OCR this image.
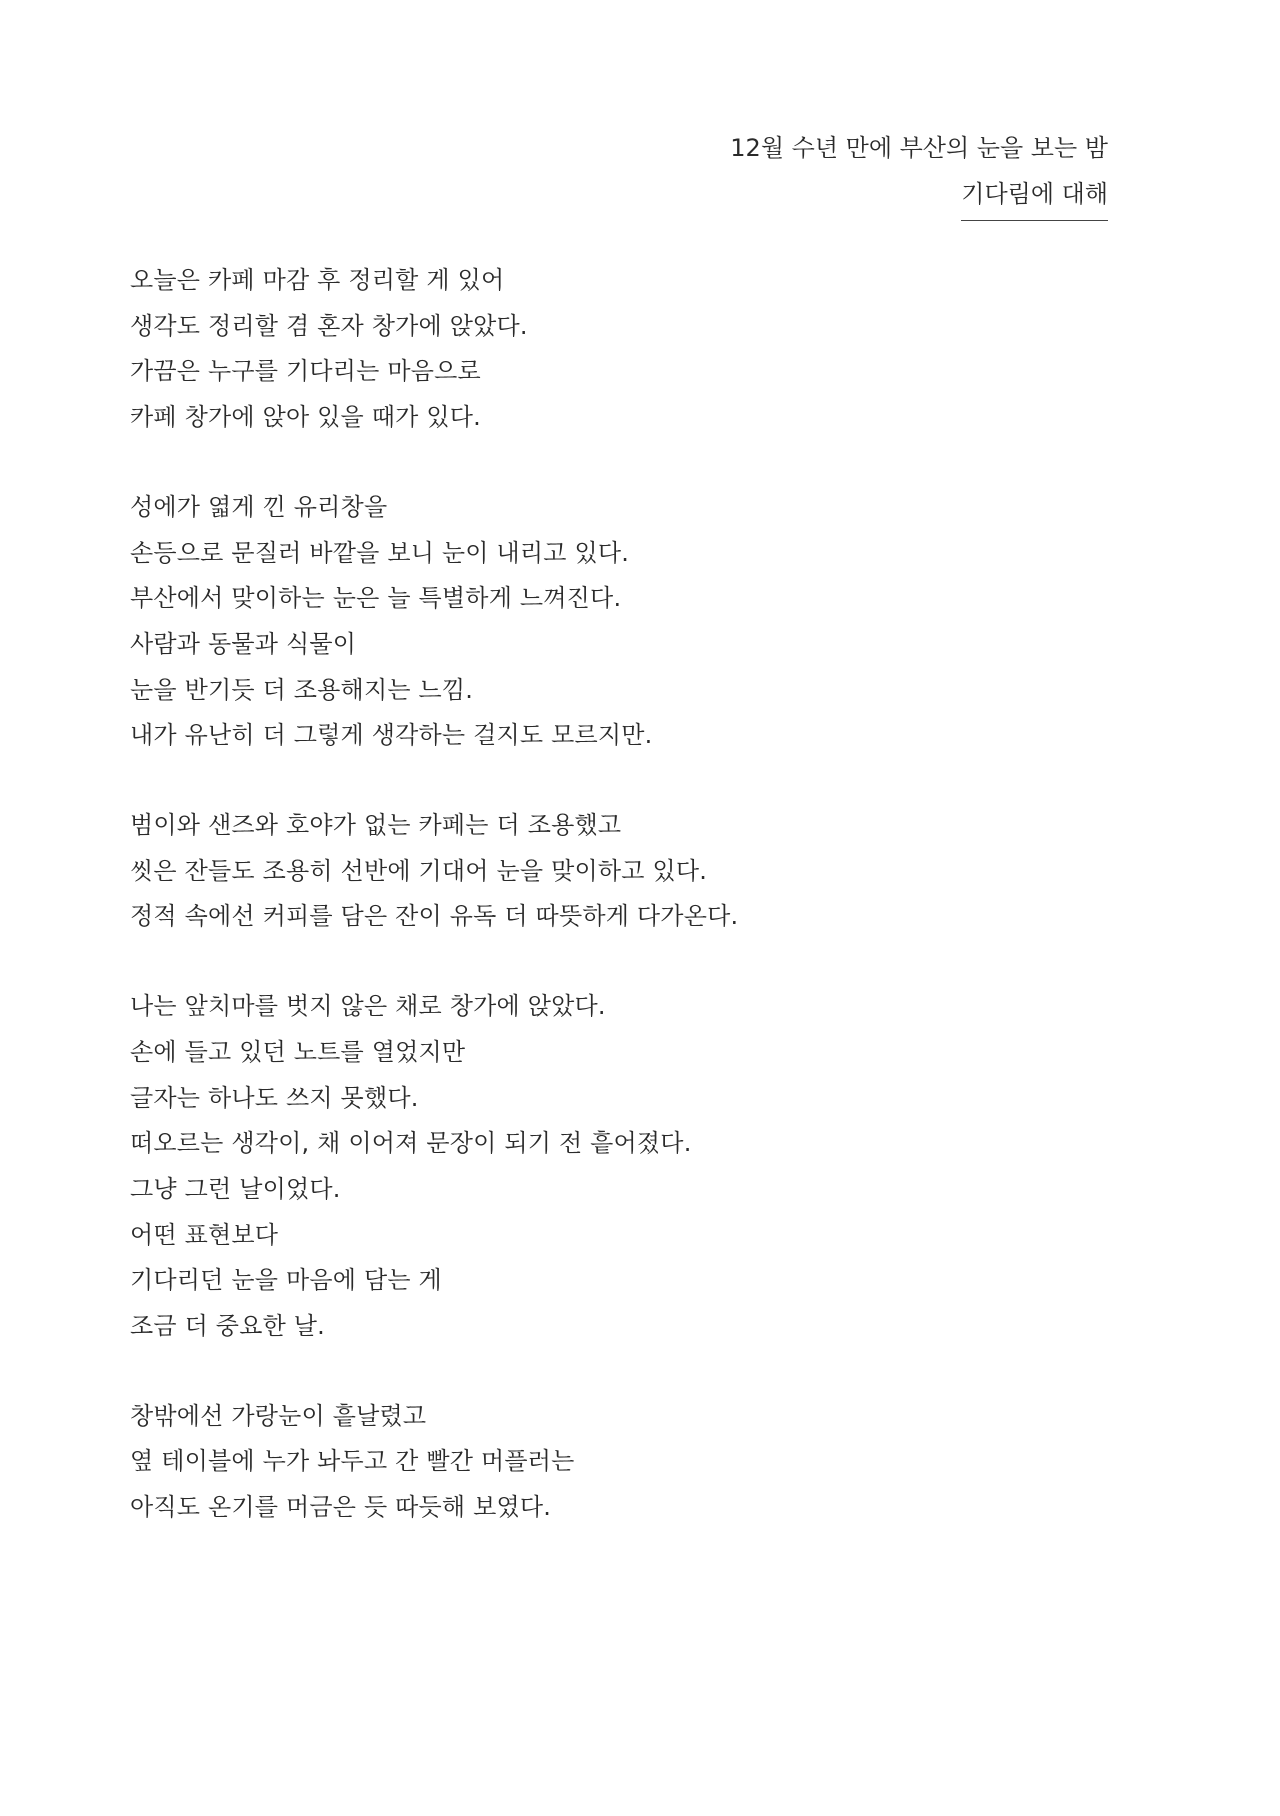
12월 수년 만에 부산의 눈을 보는 밤
기다림에 대해
오늘은 카페 마감 후 정리할 게 있어
생각도 정리할 겸 혼자 창가에 앉았다.
가끔은 누구를 기다리는 마음으로
카페 창가에 앉아 있을 때가 있다.
성에가 엷게 낀 유리창을
손등으로 문질러 바깥을 보니 눈이 내리고 있다.
부산에서 맞이하는 눈은 늘 특별하게 느껴진다.
사람과 동물과 식물이
눈을 반기듯 더 조용해지는 느낌.
내가 유난히 더 그렇게 생각하는 걸지도 모르지만.
범이와 샌즈와 호야가 없는 카페는 더 조용했고
씻은 잔들도 조용히 선반에 기대어 눈을 맞이하고 있다.
정적 속에선 커피를 담은 잔이 유독 더 따뜻하게 다가온다.
나는 앞치마를 벗지 않은 채로 창가에 앉았다.
손에 들고 있던 노트를 열었지만
글자는 하나도 쓰지 못했다.
떠오르는 생각이, 채 이어져 문장이 되기 전 흩어졌다.
그냥 그런 날이었다.
어떤 표현보다
기다리던 눈을 마음에 담는 게
조금 더 중요한 날.
창밖에선 가랑눈이 흩날렸고
옆 테이블에 누가 놔두고 간 빨간 머플러는
아직도 온기를 머금은 듯 따듯해 보였다.
